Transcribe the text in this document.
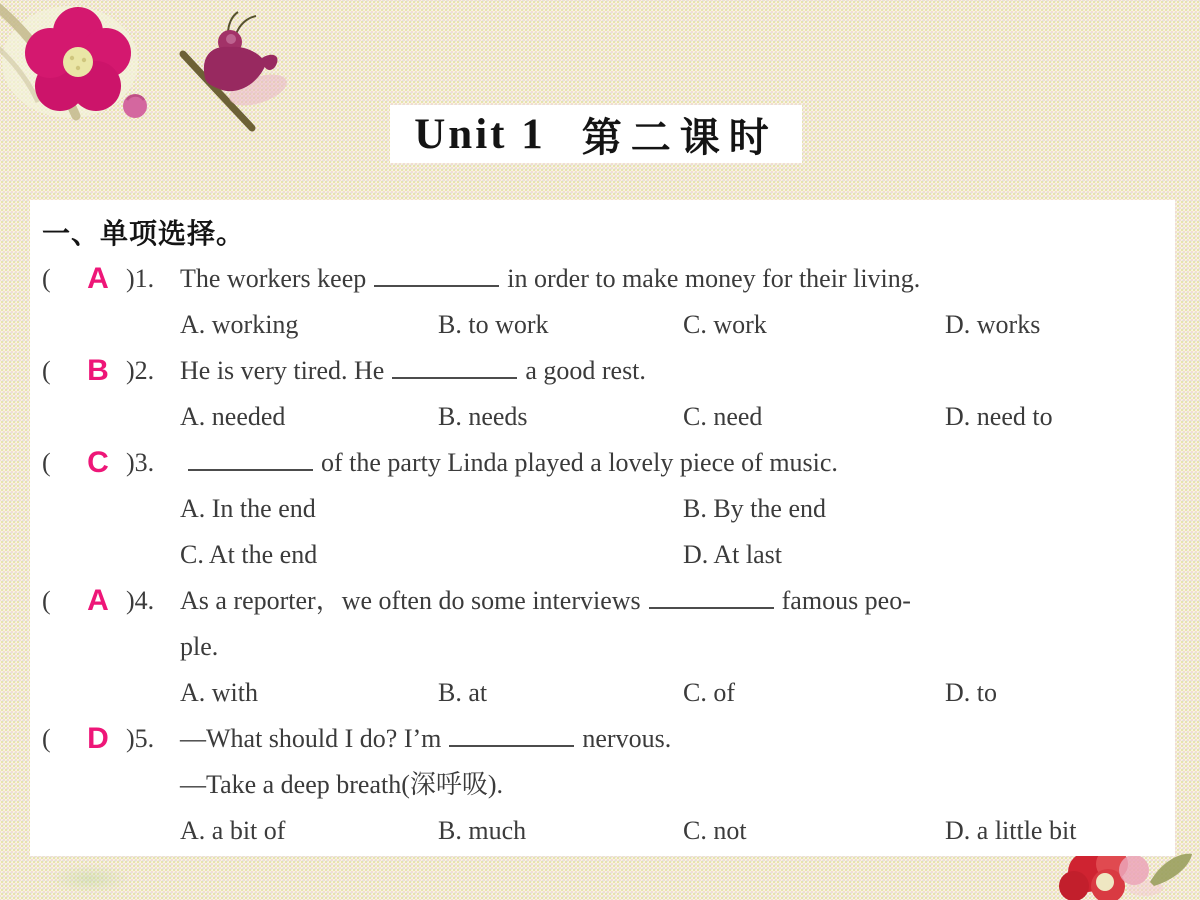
Unit 1 第二课时
一、单项选择。
(	A )1. The workers keep	in order to make money for their living.
A. working	B. to work	C. work	D. works
(	B )2. He is very tired. He	a good rest.
A. needed	B. needs	C. need	D. need to
(	C )3.	of the party Linda played a lovely piece of music.
A. In the end	B. By the end
C. At the end	D. At last
(	A )4. As a reporter，we often do some interviews	famous peo-
ple.
A. with	B. at	C. of	D. to
(	D )5. —What should I do? I’m	nervous.
—Take a deep breath(深呼吸).
A. a bit of	B. much	C. not	D. a little bit
